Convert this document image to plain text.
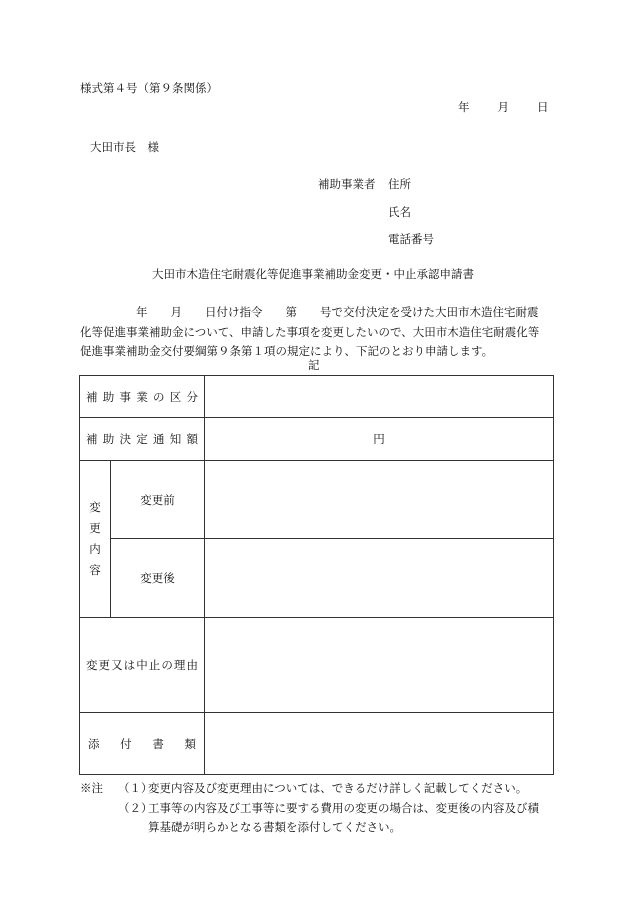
様式第４号（第９条関係）
年 月 日
大田市長　様
補助事業者 住所
氏名
電話番号
大田市木造住宅耐震化等促進事業補助金変更・中止承認申請書

年　　月　　日付け指令　　第　　号で交付決定を受けた大田市木造住宅耐震

化等促進事業補助金について、申請した事項を変更したいので、大田市木造住宅耐震化等

促進事業補助金交付要綱第９条第１項の規定により、下記のとおり申請します。

記
補助事業の区分		
補助決定通知額		円
変
更
内
容	変更前	
	変更後	
変更又は中止の理由		
添付書類		
※注 （１）
変更内容及び変更理由については、できるだけ詳しく記載してください。
（２）
工事等の内容及び工事等に要する費用の変更の場合は、変更後の内容及び積
算基礎が明らかとなる書類を添付してください。
